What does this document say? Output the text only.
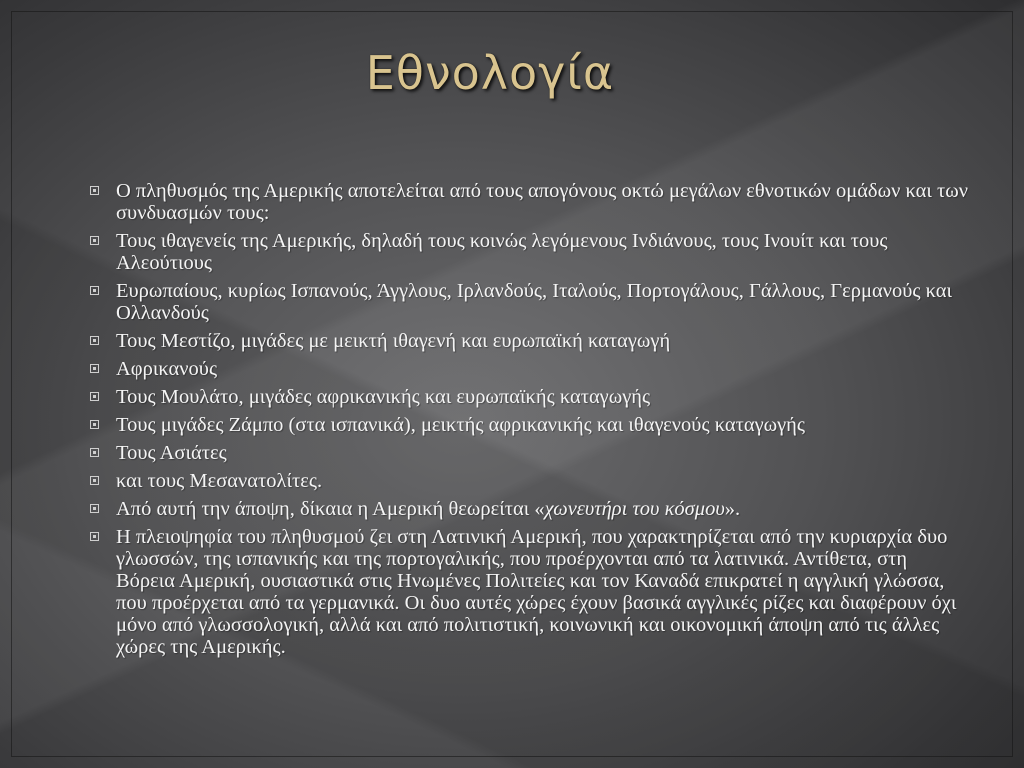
Εθνολογία
Ο πληθυσμός της Αμερικής αποτελείται από τους απογόνους οκτώ μεγάλων εθνοτικών ομάδων και των συνδυασμών τους:
Τους ιθαγενείς της Αμερικής, δηλαδή τους κοινώς λεγόμενους Ινδιάνους, τους Ινουίτ και τους Αλεούτιους
Ευρωπαίους, κυρίως Ισπανούς, Άγγλους, Ιρλανδούς, Ιταλούς, Πορτογάλους, Γάλλους, Γερμανούς και Ολλανδούς
Τους Μεστίζο, μιγάδες με μεικτή ιθαγενή και ευρωπαϊκή καταγωγή
Αφρικανούς
Τους Μουλάτο, μιγάδες αφρικανικής και ευρωπαϊκής καταγωγής
Τους μιγάδες Ζάμπο (στα ισπανικά), μεικτής αφρικανικής και ιθαγενούς καταγωγής
Τους Ασιάτες
και τους Μεσανατολίτες.
Από αυτή την άποψη, δίκαια η Αμερική θεωρείται «χωνευτήρι του κόσμου».
Η πλειοψηφία του πληθυσμού ζει στη Λατινική Αμερική, που χαρακτηρίζεται από την κυριαρχία δυο γλωσσών, της ισπανικής και της πορτογαλικής, που προέρχονται από τα λατινικά. Αντίθετα, στη Βόρεια Αμερική, ουσιαστικά στις Ηνωμένες Πολιτείες και τον Καναδά επικρατεί η αγγλική γλώσσα, που προέρχεται από τα γερμανικά. Οι δυο αυτές χώρες έχουν βασικά αγγλικές ρίζες και διαφέρουν όχι μόνο από γλωσσολογική, αλλά και από πολιτιστική, κοινωνική και οικονομική άποψη από τις άλλες χώρες της Αμερικής.
